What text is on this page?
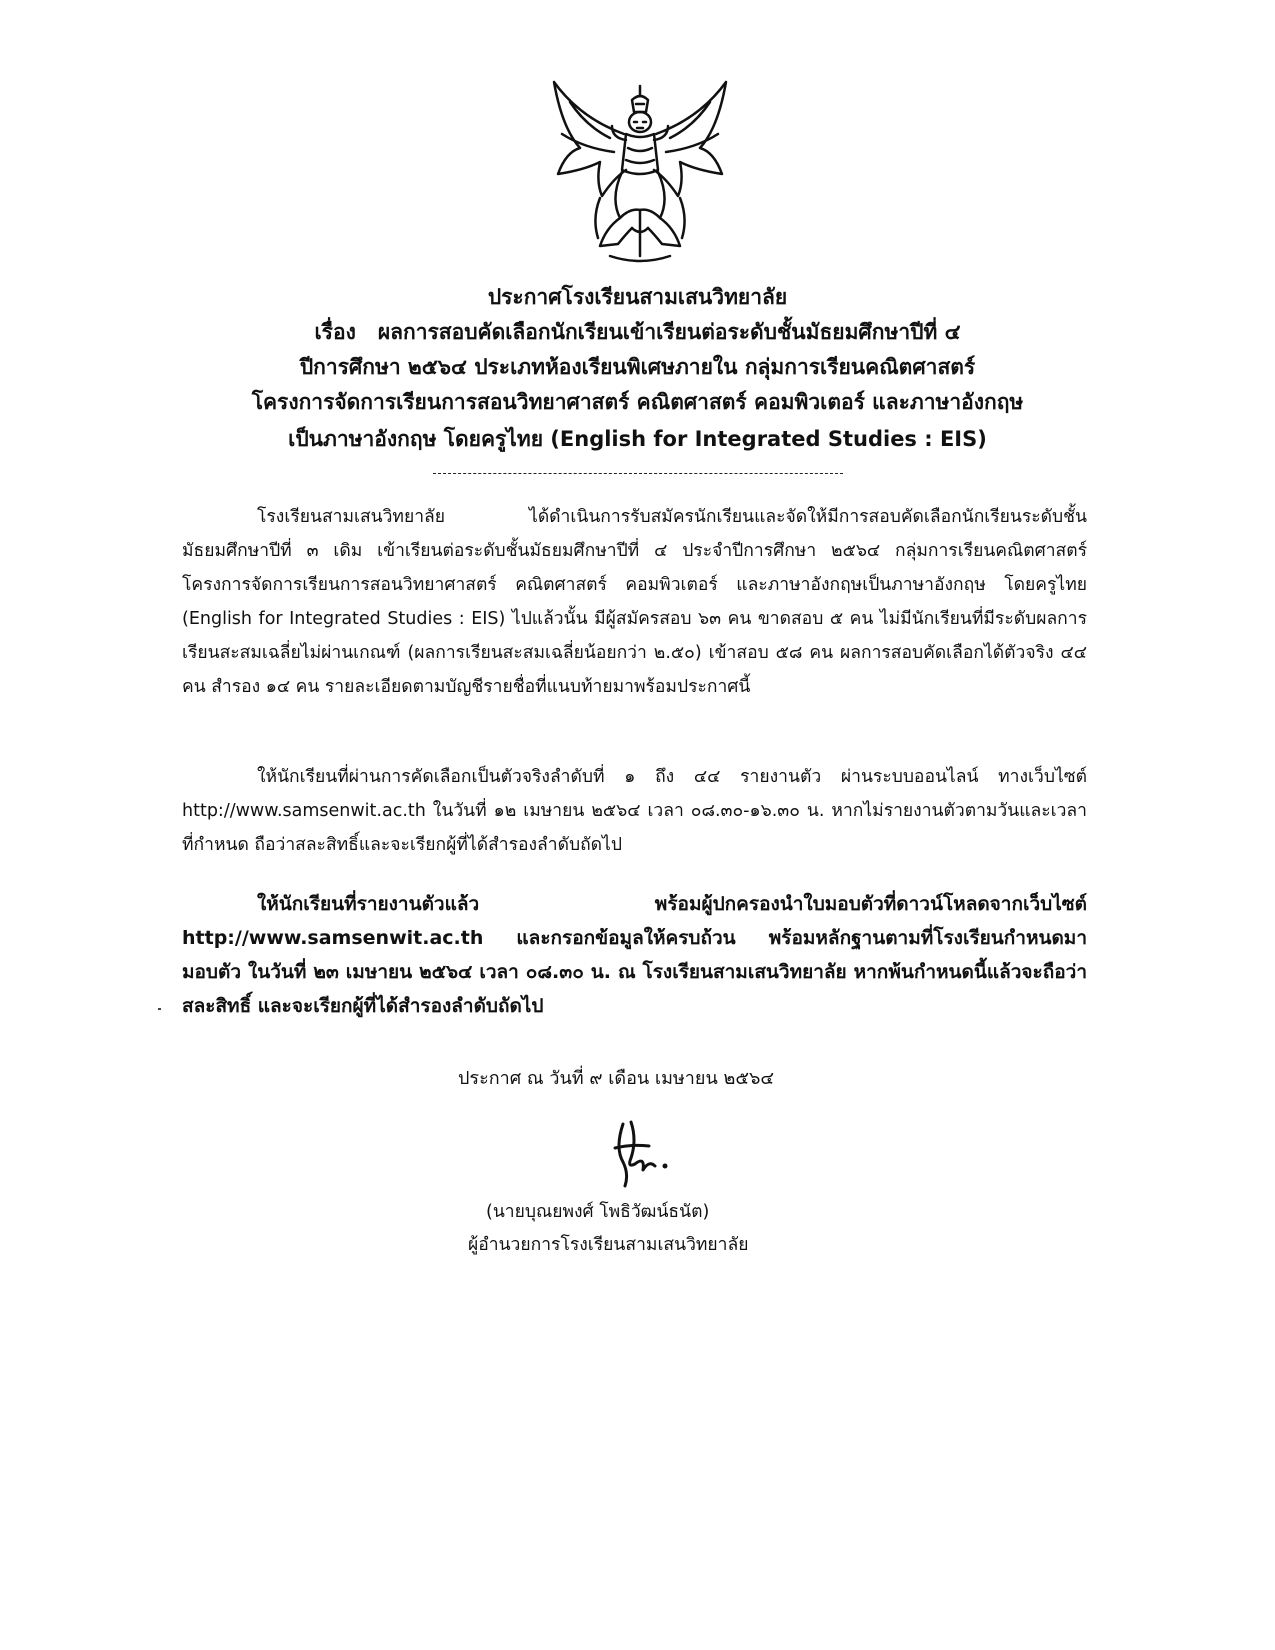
ประกาศโรงเรียนสามเสนวิทยาลัย
เรื่อง ผลการสอบคัดเลือกนักเรียนเข้าเรียนต่อระดับชั้นมัธยมศึกษาปีที่ ๔
ปีการศึกษา ๒๕๖๔ ประเภทห้องเรียนพิเศษภายใน กลุ่มการเรียนคณิตศาสตร์
โครงการจัดการเรียนการสอนวิทยาศาสตร์ คณิตศาสตร์ คอมพิวเตอร์ และภาษาอังกฤษ
เป็นภาษาอังกฤษ โดยครูไทย (English for Integrated Studies : EIS)

โรงเรียนสามเสนวิทยาลัย ได้ดำเนินการรับสมัครนักเรียนและจัดให้มีการสอบคัดเลือกนักเรียนระดับชั้นมัธยมศึกษาปีที่ ๓ เดิม เข้าเรียนต่อระดับชั้นมัธยมศึกษาปีที่ ๔ ประจำปีการศึกษา ๒๕๖๔ กลุ่มการเรียนคณิตศาสตร์ โครงการจัดการเรียนการสอนวิทยาศาสตร์ คณิตศาสตร์ คอมพิวเตอร์ และภาษาอังกฤษเป็นภาษาอังกฤษ โดยครูไทย (English for Integrated Studies : EIS) ไปแล้วนั้น มีผู้สมัครสอบ ๖๓ คน ขาดสอบ ๕ คน ไม่มีนักเรียนที่มีระดับผลการเรียนสะสมเฉลี่ยไม่ผ่านเกณฑ์ (ผลการเรียนสะสมเฉลี่ยน้อยกว่า ๒.๕๐) เข้าสอบ ๕๘ คน ผลการสอบคัดเลือกได้ตัวจริง ๔๔ คน สำรอง ๑๔ คน รายละเอียดตามบัญชีรายชื่อที่แนบท้ายมาพร้อมประกาศนี้

ให้นักเรียนที่ผ่านการคัดเลือกเป็นตัวจริงลำดับที่ ๑ ถึง ๔๔ รายงานตัว ผ่านระบบออนไลน์ ทางเว็บไซต์ http://www.samsenwit.ac.th ในวันที่ ๑๒ เมษายน ๒๕๖๔ เวลา ๐๘.๓๐-๑๖.๓๐ น. หากไม่รายงานตัวตามวันและเวลาที่กำหนด ถือว่าสละสิทธิ์และจะเรียกผู้ที่ได้สำรองลำดับถัดไป

ให้นักเรียนที่รายงานตัวแล้ว พร้อมผู้ปกครองนำใบมอบตัวที่ดาวน์โหลดจากเว็บไซต์ http://www.samsenwit.ac.th และกรอกข้อมูลให้ครบถ้วน พร้อมหลักฐานตามที่โรงเรียนกำหนดมามอบตัว ในวันที่ ๒๓ เมษายน ๒๕๖๔ เวลา ๐๘.๓๐ น. ณ โรงเรียนสามเสนวิทยาลัย หากพ้นกำหนดนี้แล้วจะถือว่าสละสิทธิ์ และจะเรียกผู้ที่ได้สำรองลำดับถัดไป

ประกาศ ณ วันที่ ๙ เดือน เมษายน ๒๕๖๔
(นายบุณยพงศ์ โพธิวัฒน์ธนัต)
ผู้อำนวยการโรงเรียนสามเสนวิทยาลัย
